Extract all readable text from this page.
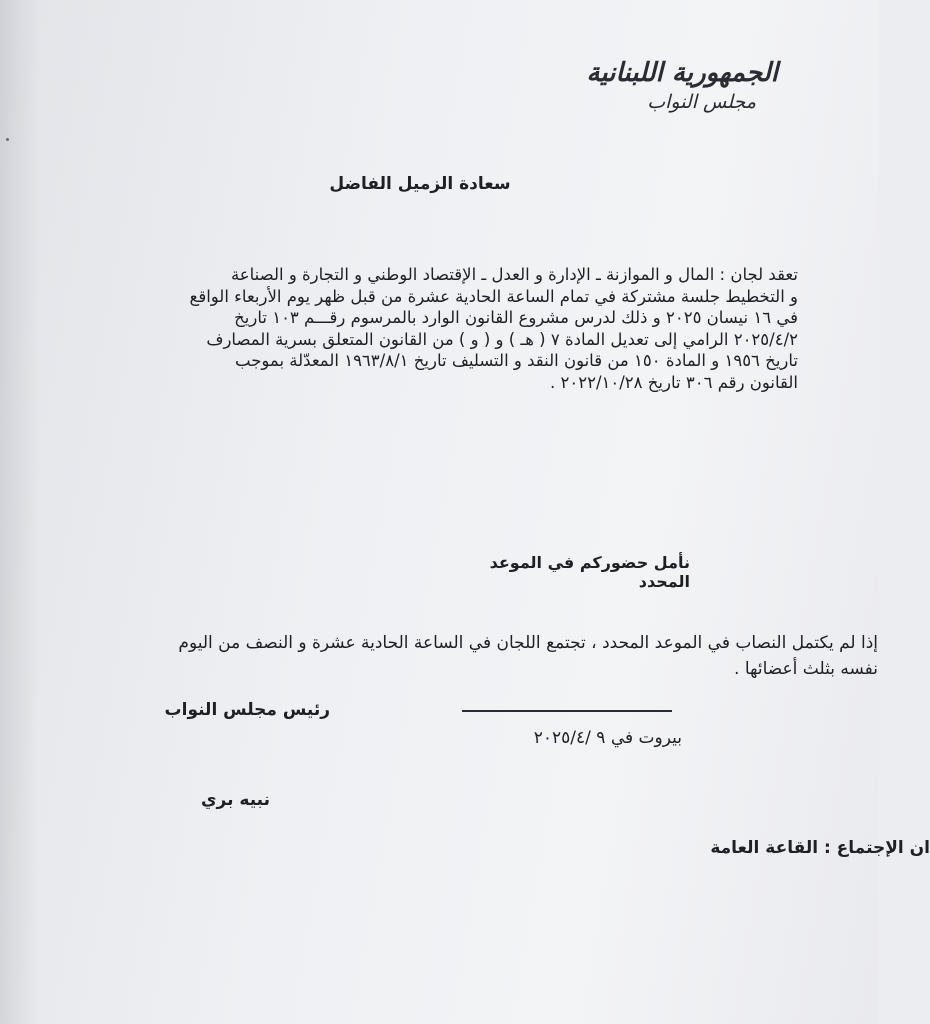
الجمهورية اللبنانية
مجلس النواب
سعادة الزميل الفاضل
تعقد لجان : المال و الموازنة ـ الإدارة و العدل ـ الإقتصاد الوطني و التجارة و الصناعة
و التخطيط جلسة مشتركة في تمام الساعة الحادية عشرة من قبل ظهر يوم الأربعاء الواقع
في ١٦ نيسان ٢٠٢٥ و ذلك لدرس مشروع القانون الوارد بالمرسوم رقـــم ١٠٣ تاريخ
٢٠٢٥/٤/٢ الرامي إلى تعديل المادة ٧ ( هـ ) و ( و ) من القانون المتعلق بسرية المصارف
تاريخ ١٩٥٦ و المادة ١٥٠ من قانون النقد و التسليف تاريخ ١٩٦٣/٨/١ المعدّلة بموجب
القانون رقم ٣٠٦ تاريخ ٢٠٢٢/١٠/٢٨ .
نأمل حضوركم في الموعد المحدد
إذا لم يكتمل النصاب في الموعد المحدد ، تجتمع اللجان في الساعة الحادية عشرة و النصف من اليوم
نفسه بثلث أعضائها .
بيروت في ٩ /٢٠٢٥/٤
رئيس مجلس النواب
نبيه بري
ان الإجتماع : القاعة العامة
